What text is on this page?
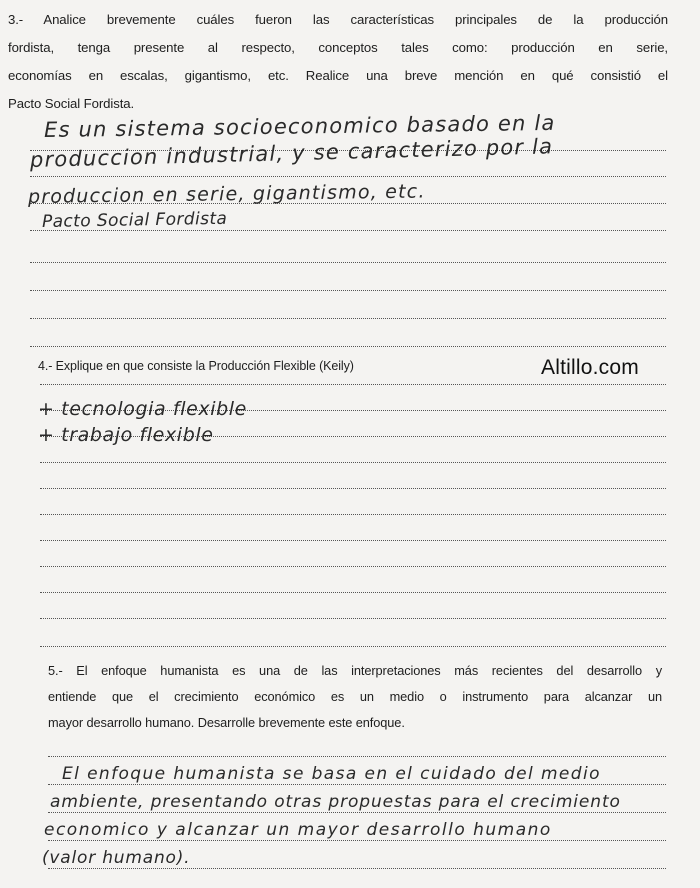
3.- Analice brevemente cuáles fueron las características principales de la producción
fordista, tenga presente al respecto, conceptos tales como: producción en serie,
economías en escalas, gigantismo, etc. Realice una breve mención en qué consistió el
Pacto Social Fordista.
Es un sistema socioeconomico basado en la
produccion industrial, y se caracterizo por la
produccion en serie, gigantismo, etc.
Pacto Social Fordista
4.- Explique en que consiste la Producción Flexible (Keily)	Altillo.com
+ tecnologia flexible
+ trabajo flexible
5.- El enfoque humanista es una de las interpretaciones más recientes del desarrollo y
entiende que el crecimiento económico es un medio o instrumento para alcanzar un
mayor desarrollo humano. Desarrolle brevemente este enfoque.
El enfoque humanista se basa en el cuidado del medio
ambiente, presentando otras propuestas para el crecimiento
economico y alcanzar un mayor desarrollo humano
(valor humano).
